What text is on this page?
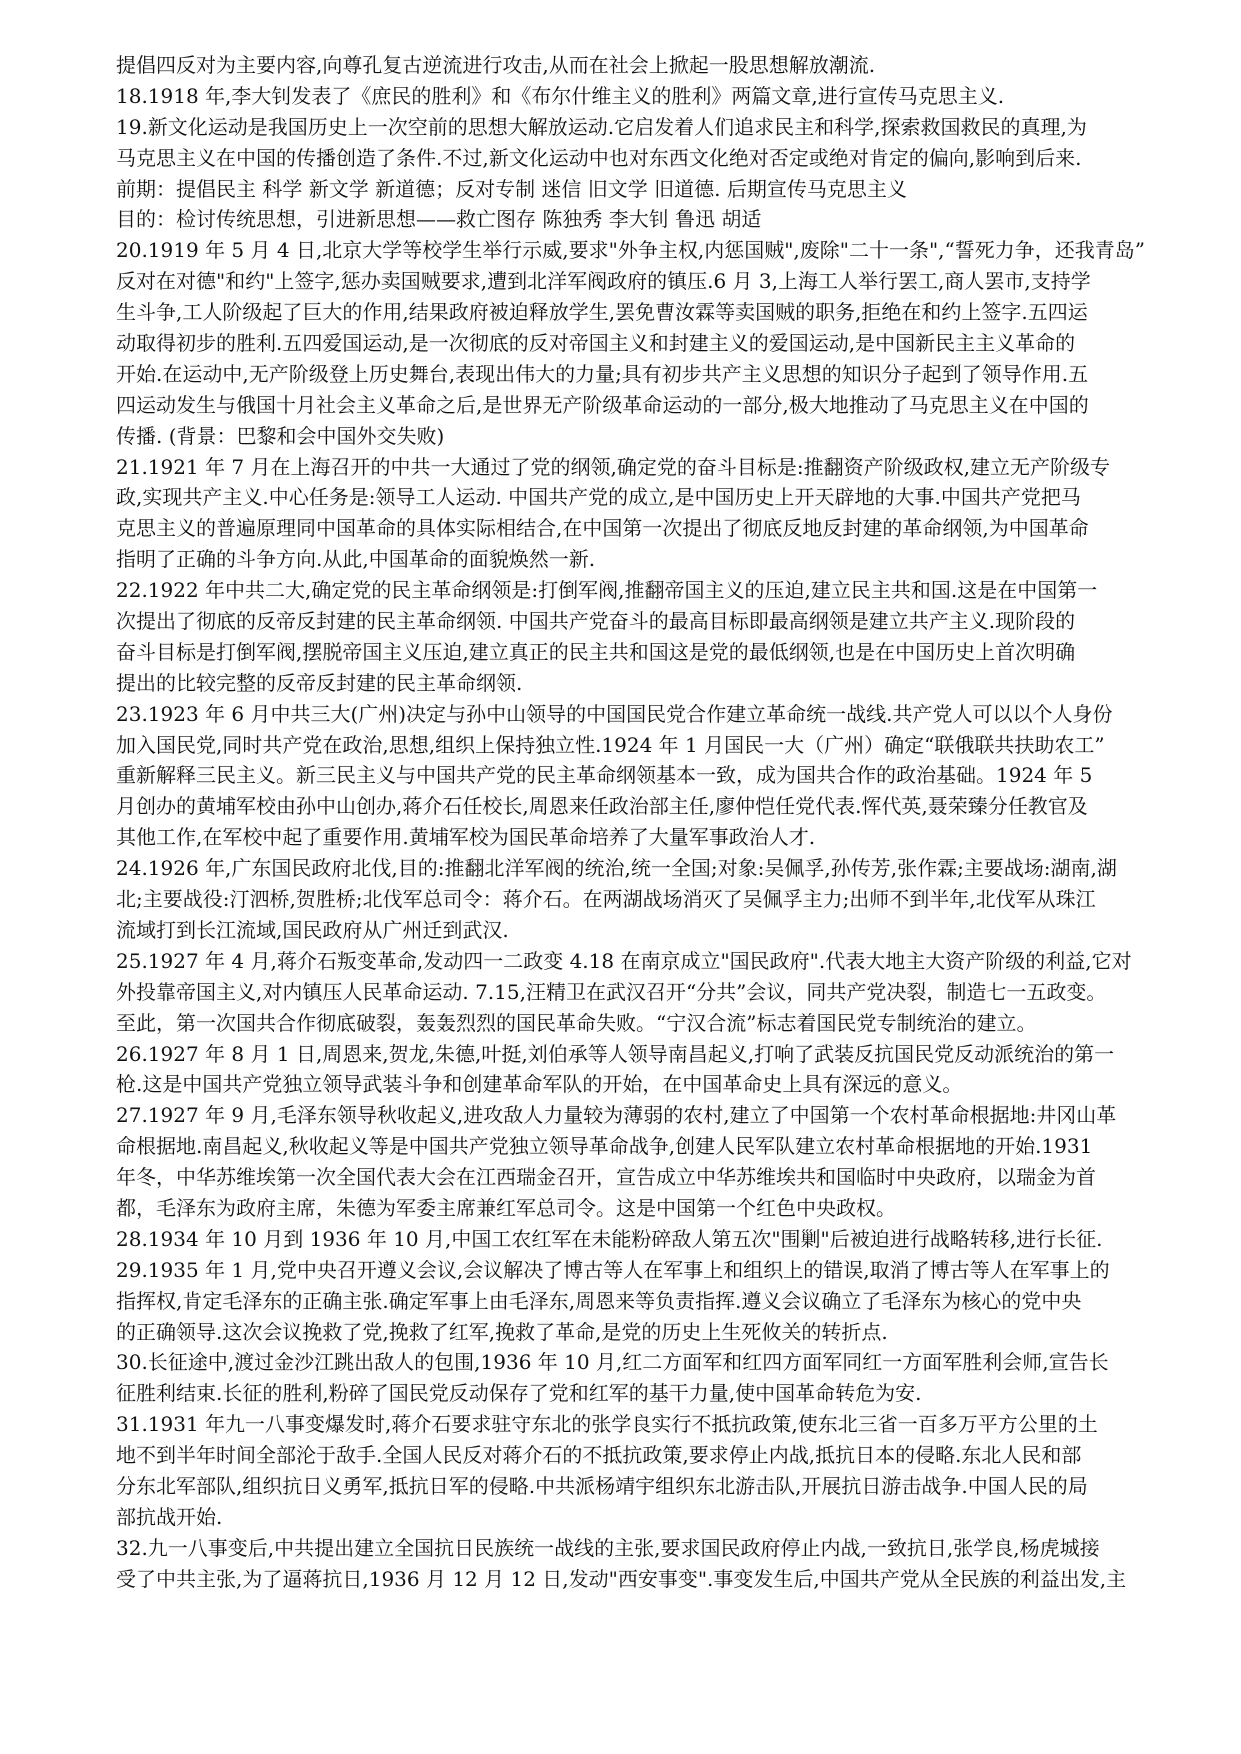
提倡四反对为主要内容,向尊孔复古逆流进行攻击,从而在社会上掀起一股思想解放潮流.
18.1918 年,李大钊发表了《庶民的胜利》和《布尔什维主义的胜利》两篇文章,进行宣传马克思主义.
19.新文化运动是我国历史上一次空前的思想大解放运动.它启发着人们追求民主和科学,探索救国救民的真理,为
马克思主义在中国的传播创造了条件.不过,新文化运动中也对东西文化绝对否定或绝对肯定的偏向,影响到后来.
前期：提倡民主 科学 新文学 新道德；反对专制 迷信 旧文学 旧道德. 后期宣传马克思主义
目的：检讨传统思想，引进新思想——救亡图存 陈独秀 李大钊 鲁迅 胡适
20.1919 年 5 月 4 日,北京大学等校学生举行示威,要求"外争主权,内惩国贼",废除"二十一条",“誓死力争，还我青岛”
反对在对德"和约"上签字,惩办卖国贼要求,遭到北洋军阀政府的镇压.6 月 3,上海工人举行罢工,商人罢市,支持学
生斗争,工人阶级起了巨大的作用,结果政府被迫释放学生,罢免曹汝霖等卖国贼的职务,拒绝在和约上签字.五四运
动取得初步的胜利.五四爱国运动,是一次彻底的反对帝国主义和封建主义的爱国运动,是中国新民主主义革命的
开始.在运动中,无产阶级登上历史舞台,表现出伟大的力量;具有初步共产主义思想的知识分子起到了领导作用.五
四运动发生与俄国十月社会主义革命之后,是世界无产阶级革命运动的一部分,极大地推动了马克思主义在中国的
传播. (背景：巴黎和会中国外交失败)
21.1921 年 7 月在上海召开的中共一大通过了党的纲领,确定党的奋斗目标是:推翻资产阶级政权,建立无产阶级专
政,实现共产主义.中心任务是:领导工人运动. 中国共产党的成立,是中国历史上开天辟地的大事.中国共产党把马
克思主义的普遍原理同中国革命的具体实际相结合,在中国第一次提出了彻底反地反封建的革命纲领,为中国革命
指明了正确的斗争方向.从此,中国革命的面貌焕然一新.
22.1922 年中共二大,确定党的民主革命纲领是:打倒军阀,推翻帝国主义的压迫,建立民主共和国.这是在中国第一
次提出了彻底的反帝反封建的民主革命纲领. 中国共产党奋斗的最高目标即最高纲领是建立共产主义.现阶段的
奋斗目标是打倒军阀,摆脱帝国主义压迫,建立真正的民主共和国这是党的最低纲领,也是在中国历史上首次明确
提出的比较完整的反帝反封建的民主革命纲领.
23.1923 年 6 月中共三大(广州)决定与孙中山领导的中国国民党合作建立革命统一战线.共产党人可以以个人身份
加入国民党,同时共产党在政治,思想,组织上保持独立性.1924 年 1 月国民一大（广州）确定“联俄联共扶助农工”
重新解释三民主义。新三民主义与中国共产党的民主革命纲领基本一致，成为国共合作的政治基础。1924 年 5
月创办的黄埔军校由孙中山创办,蒋介石任校长,周恩来任政治部主任,廖仲恺任党代表.恽代英,聂荣臻分任教官及
其他工作,在军校中起了重要作用.黄埔军校为国民革命培养了大量军事政治人才.
24.1926 年,广东国民政府北伐,目的:推翻北洋军阀的统治,统一全国;对象:吴佩孚,孙传芳,张作霖;主要战场:湖南,湖
北;主要战役:汀泗桥,贺胜桥;北伐军总司令：蒋介石。在两湖战场消灭了吴佩孚主力;出师不到半年,北伐军从珠江
流域打到长江流域,国民政府从广州迁到武汉.
25.1927 年 4 月,蒋介石叛变革命,发动四一二政变 4.18 在南京成立"国民政府".代表大地主大资产阶级的利益,它对
外投靠帝国主义,对内镇压人民革命运动. 7.15,汪精卫在武汉召开“分共”会议，同共产党决裂，制造七一五政变。
至此，第一次国共合作彻底破裂，轰轰烈烈的国民革命失败。“宁汉合流”标志着国民党专制统治的建立。
26.1927 年 8 月 1 日,周恩来,贺龙,朱德,叶挺,刘伯承等人领导南昌起义,打响了武装反抗国民党反动派统治的第一
枪.这是中国共产党独立领导武装斗争和创建革命军队的开始，在中国革命史上具有深远的意义。
27.1927 年 9 月,毛泽东领导秋收起义,进攻敌人力量较为薄弱的农村,建立了中国第一个农村革命根据地:井冈山革
命根据地.南昌起义,秋收起义等是中国共产党独立领导革命战争,创建人民军队建立农村革命根据地的开始.1931
年冬，中华苏维埃第一次全国代表大会在江西瑞金召开，宣告成立中华苏维埃共和国临时中央政府，以瑞金为首
都，毛泽东为政府主席，朱德为军委主席兼红军总司令。这是中国第一个红色中央政权。
28.1934 年 10 月到 1936 年 10 月,中国工农红军在未能粉碎敌人第五次"围剿"后被迫进行战略转移,进行长征.
29.1935 年 1 月,党中央召开遵义会议,会议解决了博古等人在军事上和组织上的错误,取消了博古等人在军事上的
指挥权,肯定毛泽东的正确主张.确定军事上由毛泽东,周恩来等负责指挥.遵义会议确立了毛泽东为核心的党中央
的正确领导.这次会议挽救了党,挽救了红军,挽救了革命,是党的历史上生死攸关的转折点.
30.长征途中,渡过金沙江跳出敌人的包围,1936 年 10 月,红二方面军和红四方面军同红一方面军胜利会师,宣告长
征胜利结束.长征的胜利,粉碎了国民党反动保存了党和红军的基干力量,使中国革命转危为安.
31.1931 年九一八事变爆发时,蒋介石要求驻守东北的张学良实行不抵抗政策,使东北三省一百多万平方公里的土
地不到半年时间全部沦于敌手.全国人民反对蒋介石的不抵抗政策,要求停止内战,抵抗日本的侵略.东北人民和部
分东北军部队,组织抗日义勇军,抵抗日军的侵略.中共派杨靖宇组织东北游击队,开展抗日游击战争.中国人民的局
部抗战开始.
32.九一八事变后,中共提出建立全国抗日民族统一战线的主张,要求国民政府停止内战,一致抗日,张学良,杨虎城接
受了中共主张,为了逼蒋抗日,1936 月 12 月 12 日,发动"西安事变".事变发生后,中国共产党从全民族的利益出发,主
